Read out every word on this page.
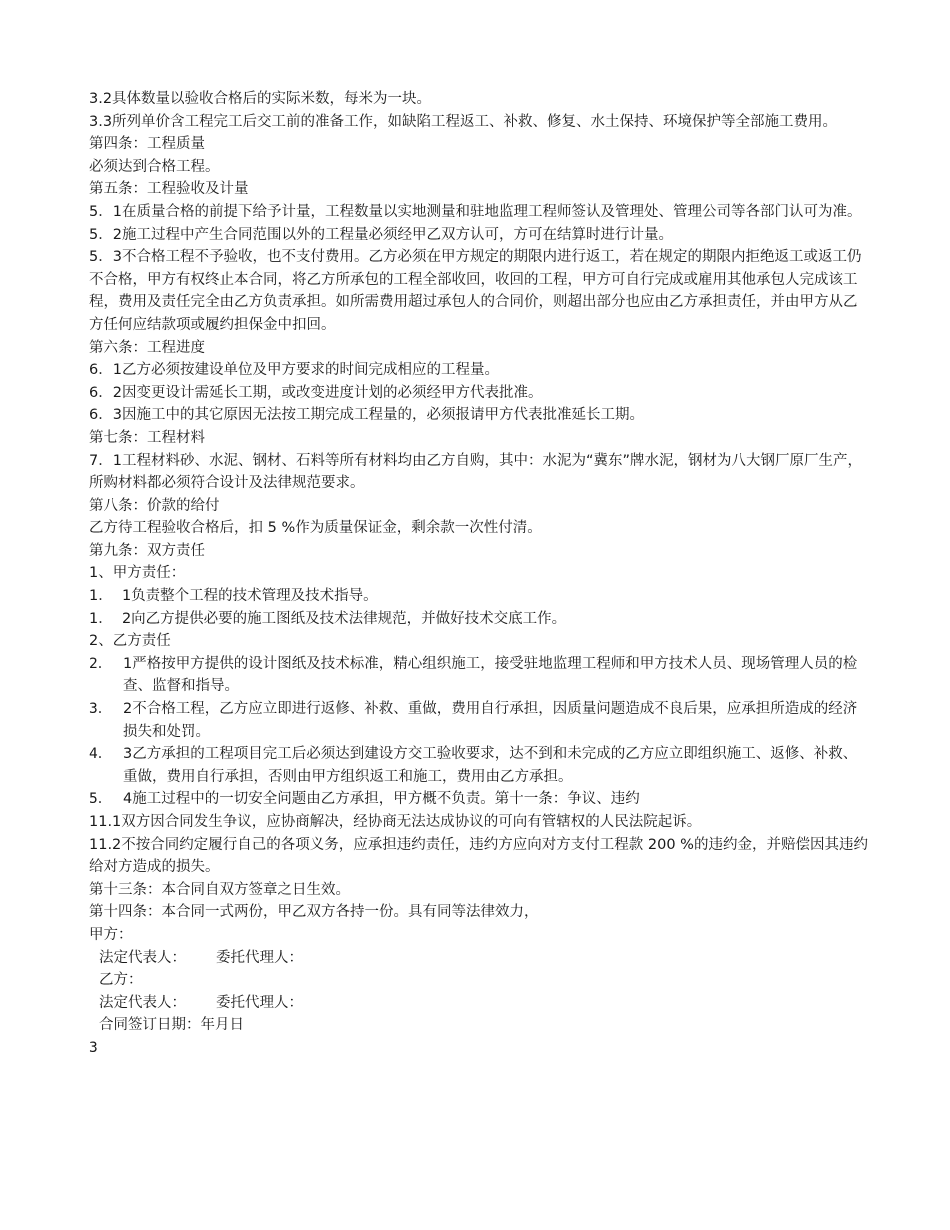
3.2具体数量以验收合格后的实际米数，每米为一块。

3.3所列单价含工程完工后交工前的准备工作，如缺陷工程返工、补救、修复、水土保持、环境保护等全部施工费用。

第四条：工程质量

必须达到合格工程。

第五条：工程验收及计量

5．1在质量合格的前提下给予计量，工程数量以实地测量和驻地监理工程师签认及管理处、管理公司等各部门认可为准。

5．2施工过程中产生合同范围以外的工程量必须经甲乙双方认可，方可在结算时进行计量。

5．3不合格工程不予验收，也不支付费用。乙方必须在甲方规定的期限内进行返工，若在规定的期限内拒绝返工或返工仍不合格，甲方有权终止本合同，将乙方所承包的工程全部收回，收回的工程，甲方可自行完成或雇用其他承包人完成该工程，费用及责任完全由乙方负责承担。如所需费用超过承包人的合同价，则超出部分也应由乙方承担责任，并由甲方从乙方任何应结款项或履约担保金中扣回。

第六条：工程进度

6．1乙方必须按建设单位及甲方要求的时间完成相应的工程量。

6．2因变更设计需延长工期，或改变进度计划的必须经甲方代表批准。

6．3因施工中的其它原因无法按工期完成工程量的，必须报请甲方代表批准延长工期。

第七条：工程材料

7．1工程材料砂、水泥、钢材、石料等所有材料均由乙方自购，其中：水泥为“冀东”牌水泥，钢材为八大钢厂原厂生产，所购材料都必须符合设计及法律规范要求。

第八条：价款的给付

乙方待工程验收合格后，扣 5 %作为质量保证金，剩余款一次性付清。

第九条：双方责任

1、甲方责任：

1．  1负责整个工程的技术管理及技术指导。

1．  2向乙方提供必要的施工图纸及技术法律规范，并做好技术交底工作。

2、乙方责任

2． 1严格按甲方提供的设计图纸及技术标准，精心组织施工，接受驻地监理工程师和甲方技术人员、现场管理人员的检查、监督和指导。
3． 2不合格工程，乙方应立即进行返修、补救、重做，费用自行承担，因质量问题造成不良后果，应承担所造成的经济损失和处罚。
4． 3乙方承担的工程项目完工后必须达到建设方交工验收要求，达不到和未完成的乙方应立即组织施工、返修、补救、重做，费用自行承担，否则由甲方组织返工和施工，费用由乙方承担。
5． 4施工过程中的一切安全问题由乙方承担，甲方概不负责。第十一条：争议、违约

11.1双方因合同发生争议，应协商解决，经协商无法达成协议的可向有管辖权的人民法院起诉。

11.2不按合同约定履行自己的各项义务，应承担违约责任，违约方应向对方支付工程款 200 %的违约金，并赔偿因其违约给对方造成的损失。

第十三条：本合同自双方签章之日生效。

第十四条：本合同一式两份，甲乙双方各持一份。具有同等法律效力，

甲方：

法定代表人： 委托代理人：

乙方：

法定代表人： 委托代理人：

合同签订日期：年月日

3
